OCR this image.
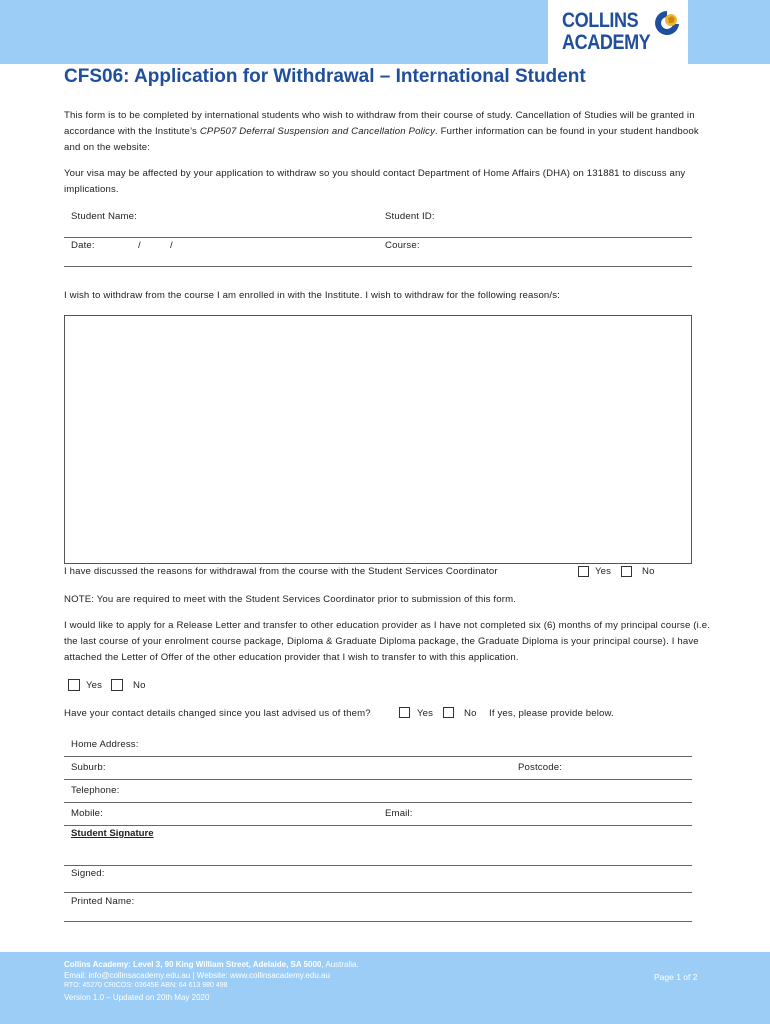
COLLINS
ACADEMY
CFS06: Application for Withdrawal – International Student
This form is to be completed by international students who wish to withdraw from their course of study. Cancellation of Studies will be granted in accordance with the Institute’s CPP507 Deferral Suspension and Cancellation Policy. Further information can be found in your student handbook and on the website:
Your visa may be affected by your application to withdraw so you should contact Department of Home Affairs (DHA) on 131881 to discuss any implications.
Student Name:	Student ID:
Date:	/	/	Course:
I wish to withdraw from the course I am enrolled in with the Institute. I wish to withdraw for the following reason/s:
I have discussed the reasons for withdrawal from the course with the Student Services Coordinator	Yes	No
NOTE: You are required to meet with the Student Services Coordinator prior to submission of this form.
I would like to apply for a Release Letter and transfer to other education provider as I have not completed six (6) months of my principal course (i.e. the last course of your enrolment course package, Diploma & Graduate Diploma package, the Graduate Diploma is your principal course). I have attached the Letter of Offer of the other education provider that I wish to transfer to with this application.
Yes	No
Have your contact details changed since you last advised us of them?	Yes	No If yes, please provide below.
Home Address:
Suburb:	Postcode:
Telephone:
Mobile:	Email:
Student Signature
Signed:
Printed Name:
Collins Academy: Level 3, 90 King William Street, Adelaide, SA 5000, Australia.
Email: info@collinsacademy.edu.au | Website: www.collinsacademy.edu.au
RTO: 45270 CRICOS: 03645E ABN: 64 613 980 498
Version 1.0 – Updated on 20th May 2020
Page 1 of 2
